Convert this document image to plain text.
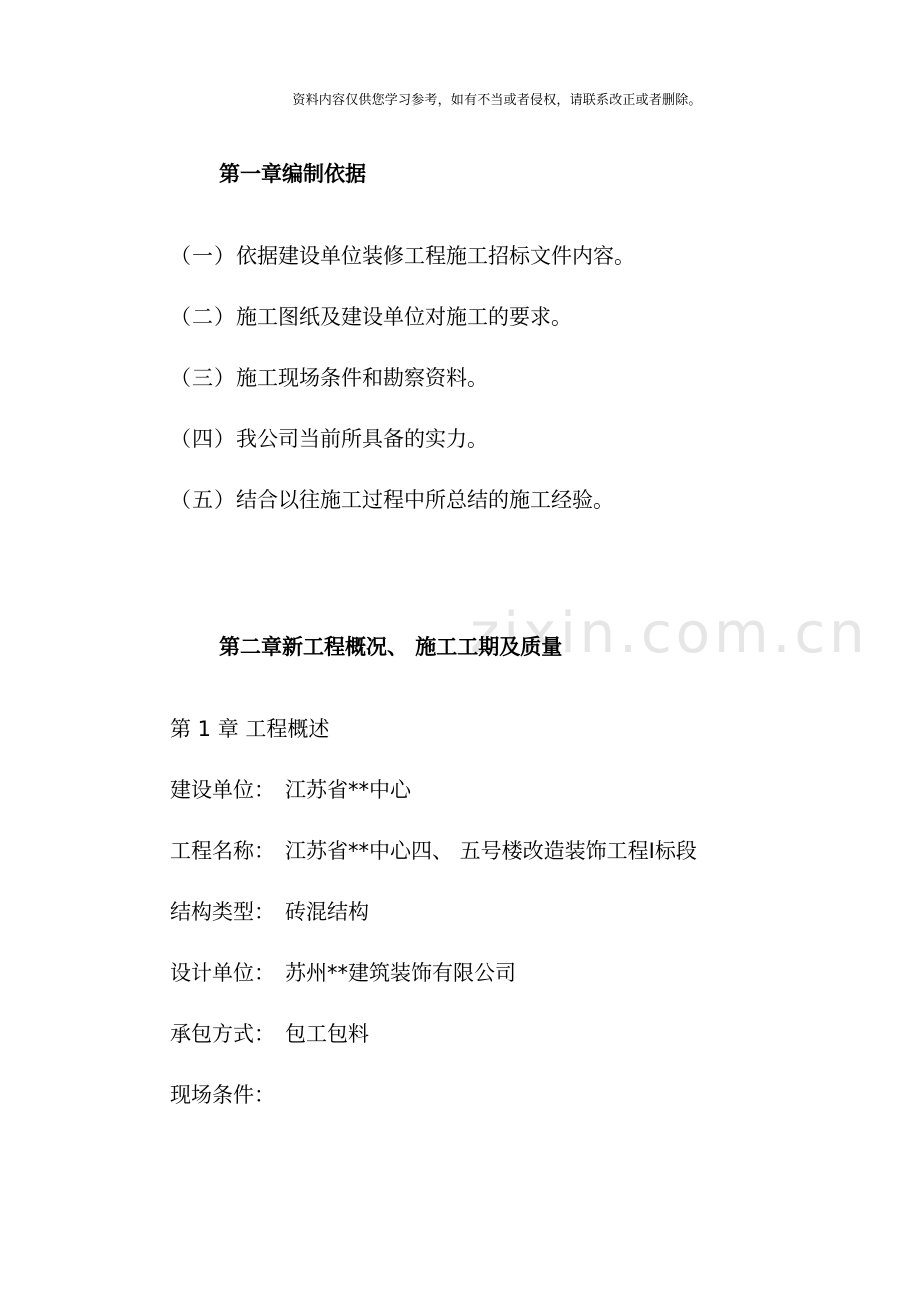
资料内容仅供您学习参考，如有不当或者侵权，请联系改正或者删除。
zixin.com.cn
第一章编制依据
（一）依据建设单位装修工程施工招标文件内容。
（二）施工图纸及建设单位对施工的要求。
（三）施工现场条件和勘察资料。
（四）我公司当前所具备的实力。
（五）结合以往施工过程中所总结的施工经验。
第二章新工程概况、 施工工期及质量
第 1 章 工程概述
建设单位： 江苏省**中心
工程名称： 江苏省**中心四、 五号楼改造装饰工程Ⅰ标段
结构类型： 砖混结构
设计单位： 苏州**建筑装饰有限公司
承包方式： 包工包料
现场条件：
